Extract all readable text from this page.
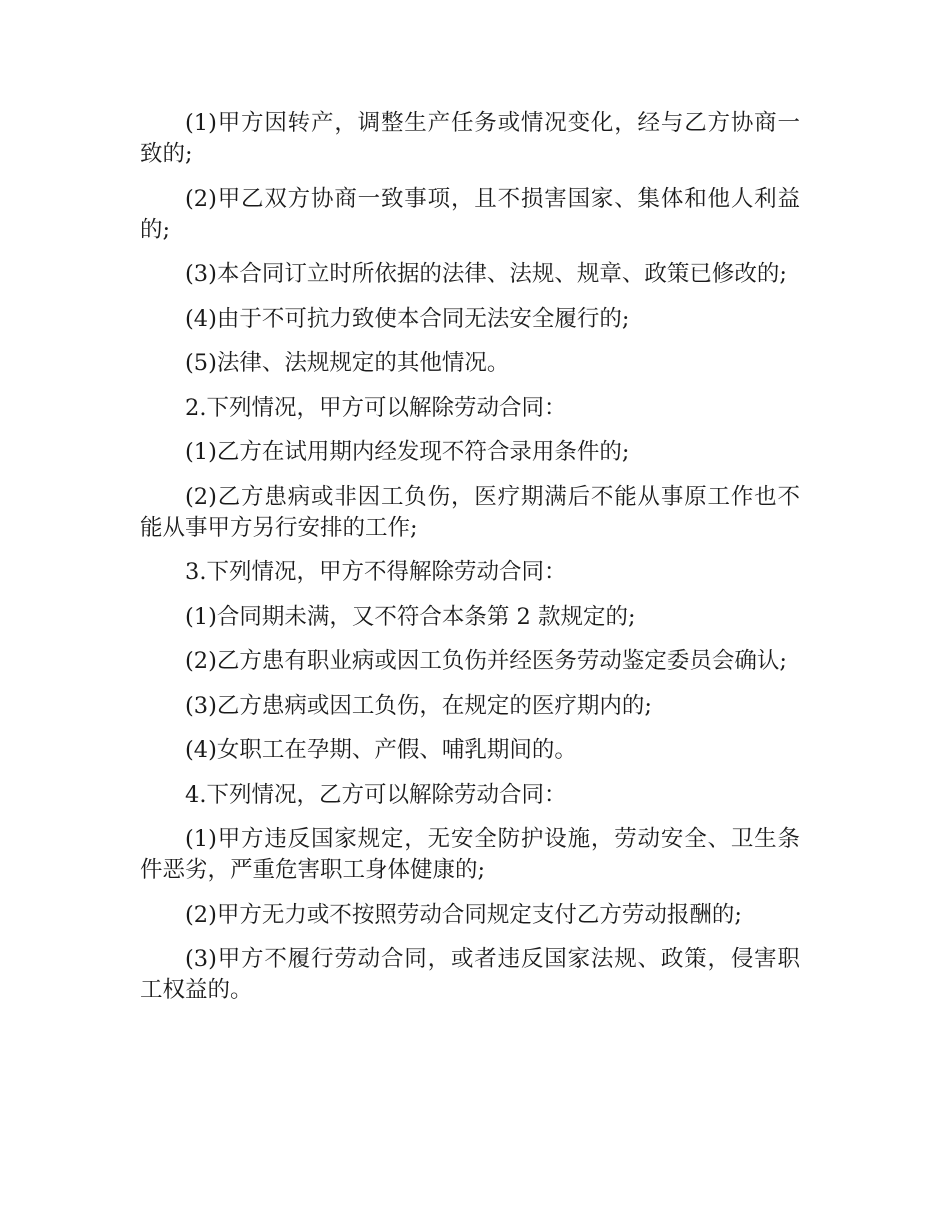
(1)甲方因转产，调整生产任务或情况变化，经与乙方协商一致的;

(2)甲乙双方协商一致事项，且不损害国家、集体和他人利益的;

(3)本合同订立时所依据的法律、法规、规章、政策已修改的;

(4)由于不可抗力致使本合同无法安全履行的;

(5)法律、法规规定的其他情况。

2.下列情况，甲方可以解除劳动合同：

(1)乙方在试用期内经发现不符合录用条件的;

(2)乙方患病或非因工负伤，医疗期满后不能从事原工作也不能从事甲方另行安排的工作;

3.下列情况，甲方不得解除劳动合同：

(1)合同期未满，又不符合本条第 2 款规定的;

(2)乙方患有职业病或因工负伤并经医务劳动鉴定委员会确认;

(3)乙方患病或因工负伤，在规定的医疗期内的;

(4)女职工在孕期、产假、哺乳期间的。

4.下列情况，乙方可以解除劳动合同：

(1)甲方违反国家规定，无安全防护设施，劳动安全、卫生条件恶劣，严重危害职工身体健康的;

(2)甲方无力或不按照劳动合同规定支付乙方劳动报酬的;

(3)甲方不履行劳动合同，或者违反国家法规、政策，侵害职工权益的。
